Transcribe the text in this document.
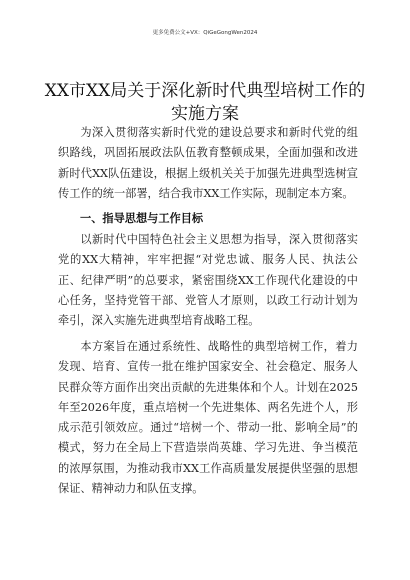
更多免费公文+VX：QiGeGongWen2024
XX市XX局关于深化新时代典型培树工作的实施方案

为深入贯彻落实新时代党的建设总要求和新时代党的组织路线，巩固拓展政法队伍教育整顿成果，全面加强和改进新时代XX队伍建设，根据上级机关关于加强先进典型选树宣传工作的统一部署，结合我市XX工作实际，现制定本方案。

一、指导思想与工作目标

以新时代中国特色社会主义思想为指导，深入贯彻落实党的XX大精神，牢牢把握“对党忠诚、服务人民、执法公正、纪律严明”的总要求，紧密围绕XX工作现代化建设的中心任务，坚持党管干部、党管人才原则，以政工行动计划为牵引，深入实施先进典型培育战略工程。

本方案旨在通过系统性、战略性的典型培树工作，着力发现、培育、宣传一批在维护国家安全、社会稳定、服务人民群众等方面作出突出贡献的先进集体和个人。计划在2025年至2026年度，重点培树一个先进集体、两名先进个人，形成示范引领效应。通过“培树一个、带动一批、影响全局”的模式，努力在全局上下营造崇尚英雄、学习先进、争当模范的浓厚氛围，为推动我市XX工作高质量发展提供坚强的思想保证、精神动力和队伍支撑。
